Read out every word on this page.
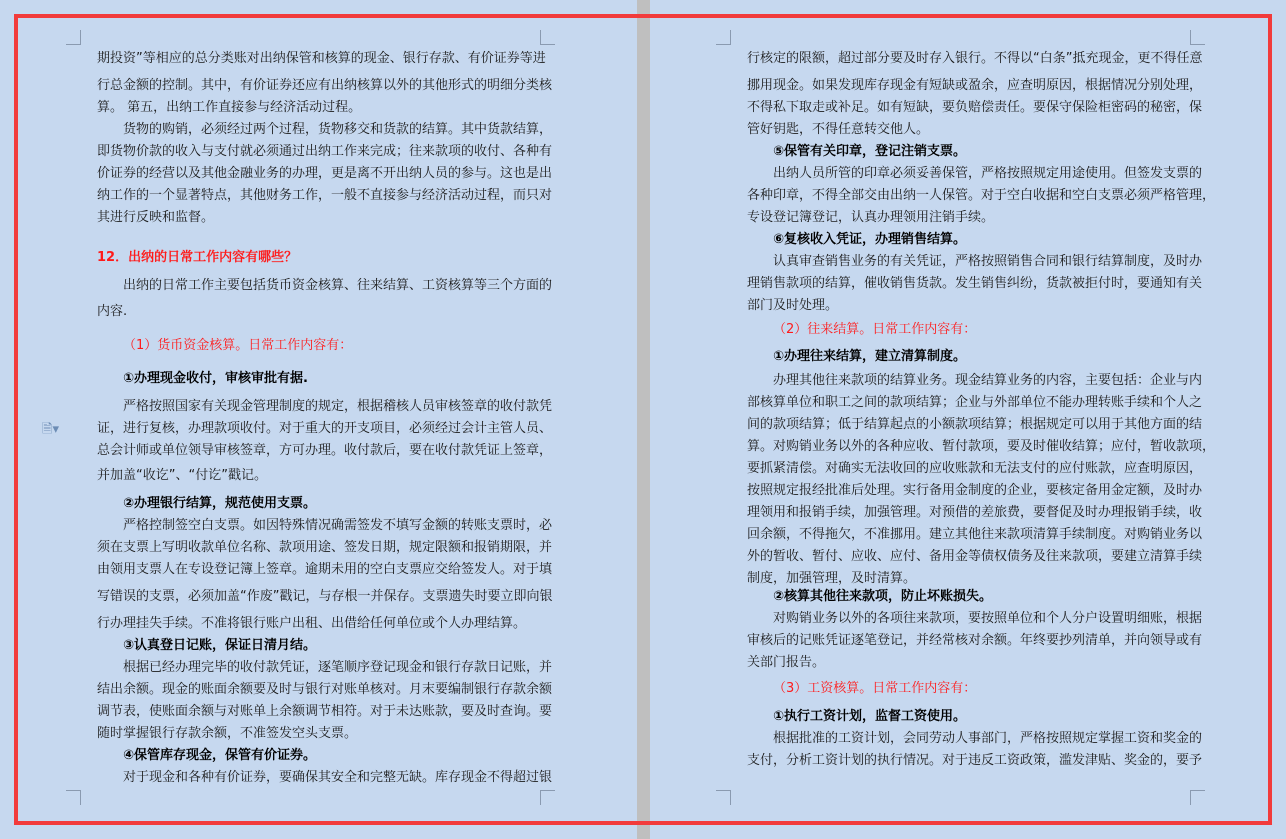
期投资”等相应的总分类账对出纳保管和核算的现金、银行存款、有价证券等进
行总金额的控制。其中，有价证券还应有出纳核算以外的其他形式的明细分类核
算。 第五，出纳工作直接参与经济活动过程。
货物的购销，必须经过两个过程，货物移交和货款的结算。其中货款结算，
即货物价款的收入与支付就必须通过出纳工作来完成；往来款项的收付、各种有
价证券的经营以及其他金融业务的办理，更是离不开出纳人员的参与。这也是出
纳工作的一个显著特点，其他财务工作，一般不直接参与经济活动过程，而只对
其进行反映和监督。
12．出纳的日常工作内容有哪些？
出纳的日常工作主要包括货币资金核算、往来结算、工资核算等三个方面的
内容.
（1）货币资金核算。日常工作内容有：
①办理现金收付，审核审批有据.
严格按照国家有关现金管理制度的规定，根据稽核人员审核签章的收付款凭
证，进行复核，办理款项收付。对于重大的开支项目，必须经过会计主管人员、
总会计师或单位领导审核签章，方可办理。收付款后，要在收付款凭证上签章，
并加盖“收讫”、“付讫”戳记。
②办理银行结算，规范使用支票。
严格控制签空白支票。如因特殊情况确需签发不填写金额的转账支票时，必
须在支票上写明收款单位名称、款项用途、签发日期，规定限额和报销期限，并
由领用支票人在专设登记簿上签章。逾期未用的空白支票应交给签发人。对于填
写错误的支票，必须加盖“作废”戳记，与存根一并保存。支票遗失时要立即向银
行办理挂失手续。不准将银行账户出租、出借给任何单位或个人办理结算。
③认真登日记账，保证日清月结。
根据已经办理完毕的收付款凭证，逐笔顺序登记现金和银行存款日记账，并
结出余额。现金的账面余额要及时与银行对账单核对。月末要编制银行存款余额
调节表，使账面余额与对账单上余额调节相符。对于未达账款，要及时查询。要
随时掌握银行存款余额，不准签发空头支票。
④保管库存现金，保管有价证券。
对于现金和各种有价证券，要确保其安全和完整无缺。库存现金不得超过银
行核定的限额，超过部分要及时存入银行。不得以“白条”抵充现金，更不得任意
挪用现金。如果发现库存现金有短缺或盈余，应查明原因，根据情况分别处理，
不得私下取走或补足。如有短缺，要负赔偿责任。要保守保险柜密码的秘密，保
管好钥匙，不得任意转交他人。
⑤保管有关印章，登记注销支票。
出纳人员所管的印章必须妥善保管，严格按照规定用途使用。但签发支票的
各种印章，不得全部交由出纳一人保管。对于空白收据和空白支票必须严格管理，
专设登记簿登记，认真办理领用注销手续。
⑥复核收入凭证，办理销售结算。
认真审查销售业务的有关凭证，严格按照销售合同和银行结算制度，及时办
理销售款项的结算，催收销售货款。发生销售纠纷，货款被拒付时，要通知有关
部门及时处理。
（2）往来结算。日常工作内容有：
①办理往来结算，建立清算制度。
办理其他往来款项的结算业务。现金结算业务的内容，主要包括：企业与内
部核算单位和职工之间的款项结算；企业与外部单位不能办理转账手续和个人之
间的款项结算；低于结算起点的小额款项结算；根据规定可以用于其他方面的结
算。对购销业务以外的各种应收、暂付款项，要及时催收结算；应付，暂收款项，
要抓紧清偿。对确实无法收回的应收账款和无法支付的应付账款，应查明原因，
按照规定报经批准后处理。实行备用金制度的企业，要核定备用金定额，及时办
理领用和报销手续，加强管理。对预借的差旅费，要督促及时办理报销手续，收
回余额，不得拖欠，不准挪用。建立其他往来款项清算手续制度。对购销业务以
外的暂收、暂付、应收、应付、备用金等债权债务及往来款项，要建立清算手续
制度，加强管理，及时清算。
②核算其他往来款项，防止坏账损失。
对购销业务以外的各项往来款项，要按照单位和个人分户设置明细账，根据
审核后的记账凭证逐笔登记，并经常核对余额。年终要抄列清单，并向领导或有
关部门报告。
（3）工资核算。日常工作内容有：
①执行工资计划，监督工资使用。
根据批准的工资计划，会同劳动人事部门，严格按照规定掌握工资和奖金的
支付，分析工资计划的执行情况。对于违反工资政策，滥发津贴、奖金的，要予
🗎▾
